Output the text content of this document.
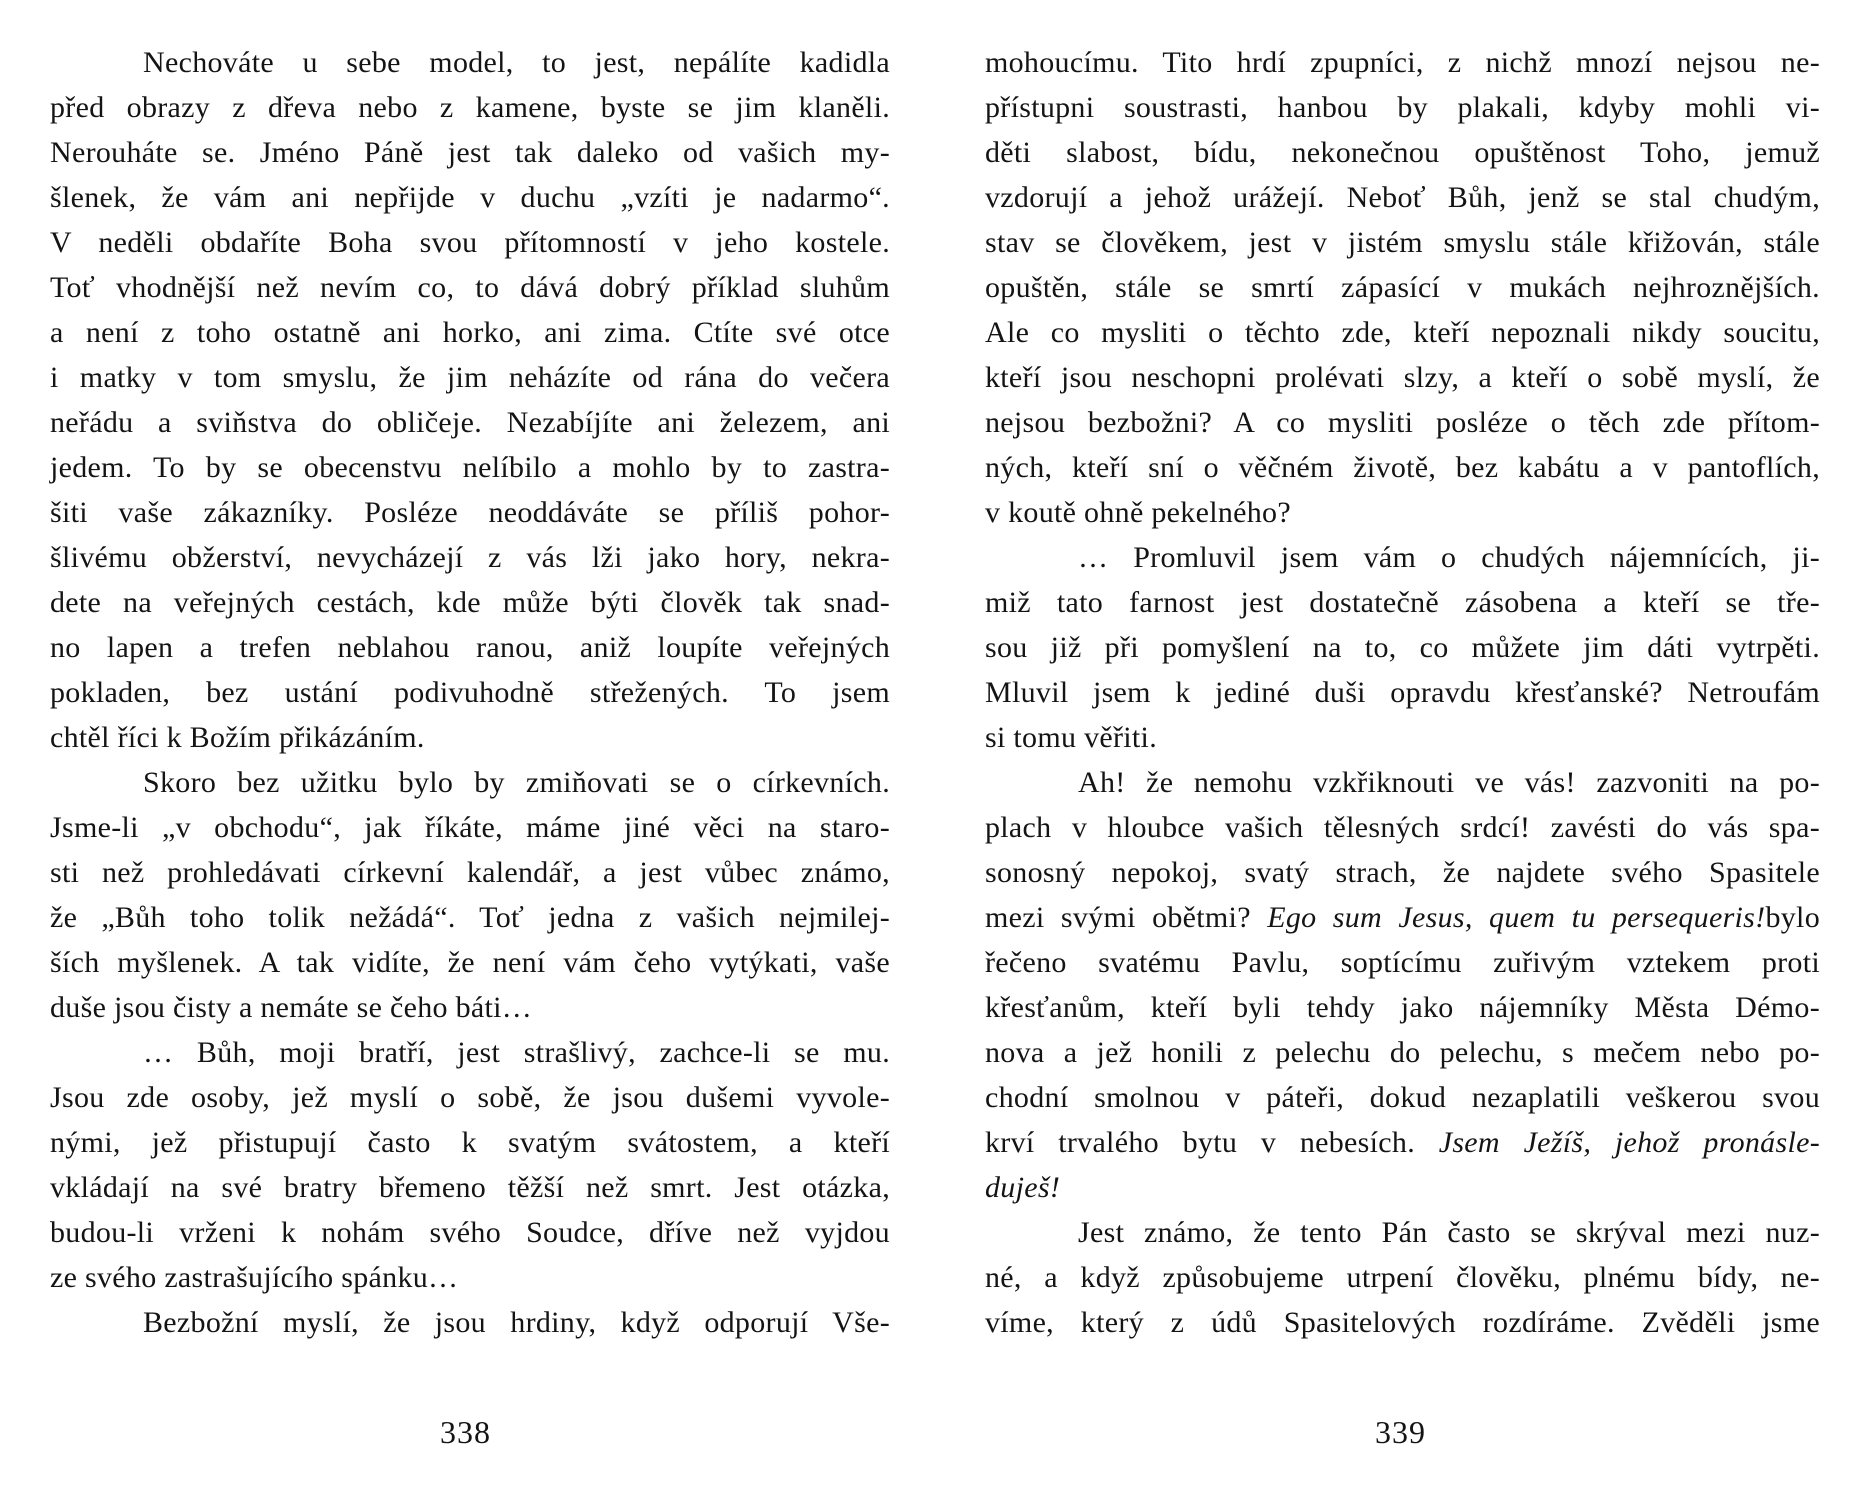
Nechováte u sebe model, to jest, nepálíte kadidla
před obrazy z dřeva nebo z kamene, byste se jim klaněli.
Nerouháte se. Jméno Páně jest tak daleko od vašich my-
šlenek, že vám ani nepřijde v duchu „vzíti je nadarmo“.
V neděli obdaříte Boha svou přítomností v jeho kostele.
Toť vhodnější než nevím co, to dává dobrý příklad sluhům
a není z toho ostatně ani horko, ani zima. Ctíte své otce
i matky v tom smyslu, že jim neházíte od rána do večera
neřádu a sviňstva do obličeje. Nezabíjíte ani železem, ani
jedem. To by se obecenstvu nelíbilo a mohlo by to zastra-
šiti vaše zákazníky. Posléze neoddáváte se příliš pohor-
šlivému obžerství, nevycházejí z vás lži jako hory, nekra-
dete na veřejných cestách, kde může býti člověk tak snad-
no lapen a trefen neblahou ranou, aniž loupíte veřejných
pokladen, bez ustání podivuhodně střežených. To jsem
chtěl říci k Božím přikázáním.
Skoro bez užitku bylo by zmiňovati se o církevních.
Jsme-li „v obchodu“, jak říkáte, máme jiné věci na staro-
sti než prohledávati církevní kalendář, a jest vůbec známo,
že „Bůh toho tolik nežádá“. Toť jedna z vašich nejmilej-
ších myšlenek. A tak vidíte, že není vám čeho vytýkati, vaše
duše jsou čisty a nemáte se čeho báti…
… Bůh, moji bratří, jest strašlivý, zachce-li se mu.
Jsou zde osoby, jež myslí o sobě, že jsou dušemi vyvole-
nými, jež přistupují často k svatým svátostem, a kteří
vkládají na své bratry břemeno těžší než smrt. Jest otázka,
budou-li vrženi k nohám svého Soudce, dříve než vyjdou
ze svého zastrašujícího spánku…
Bezbožní myslí, že jsou hrdiny, když odporují Vše-
338
mohoucímu. Tito hrdí zpupníci, z nichž mnozí nejsou ne-
přístupni soustrasti, hanbou by plakali, kdyby mohli vi-
děti slabost, bídu, nekonečnou opuštěnost Toho, jemuž
vzdorují a jehož urážejí. Neboť Bůh, jenž se stal chudým,
stav se člověkem, jest v jistém smyslu stále křižován, stále
opuštěn, stále se smrtí zápasící v mukách nejhroznějších.
Ale co mysliti o těchto zde, kteří nepoznali nikdy soucitu,
kteří jsou neschopni prolévati slzy, a kteří o sobě myslí, že
nejsou bezbožni? A co mysliti posléze o těch zde přítom-
ných, kteří sní o věčném životě, bez kabátu a v pantoflích,
v koutě ohně pekelného?
… Promluvil jsem vám o chudých nájemnících, ji-
miž tato farnost jest dostatečně zásobena a kteří se tře-
sou již při pomyšlení na to, co můžete jim dáti vytrpěti.
Mluvil jsem k jediné duši opravdu křesťanské? Netroufám
si tomu věřiti.
Ah! že nemohu vzkřiknouti ve vás! zazvoniti na po-
plach v hloubce vašich tělesných srdcí! zavésti do vás spa-
sonosný nepokoj, svatý strach, že najdete svého Spasitele
mezi svými obětmi? Ego sum Jesus, quem tu persequeris!bylo
řečeno svatému Pavlu, soptícímu zuřivým vztekem proti
křesťanům, kteří byli tehdy jako nájemníky Města Démo-
nova a jež honili z pelechu do pelechu, s mečem nebo po-
chodní smolnou v páteři, dokud nezaplatili veškerou svou
krví trvalého bytu v nebesích. Jsem Ježíš, jehož pronásle-
duješ!
Jest známo, že tento Pán často se skrýval mezi nuz-
né, a když způsobujeme utrpení člověku, plnému bídy, ne-
víme, který z údů Spasitelových rozdíráme. Zvěděli jsme
339
